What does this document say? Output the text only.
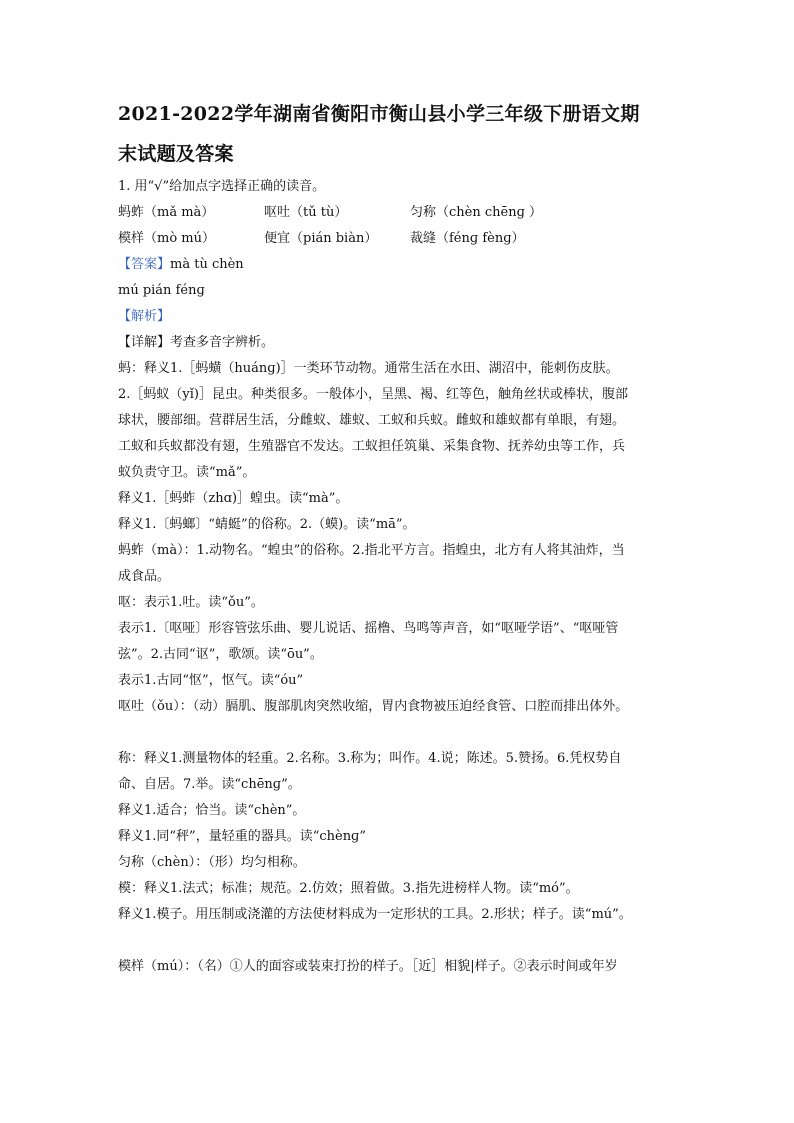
2021-2022学年湖南省衡阳市衡山县小学三年级下册语文期
末试题及答案
1. 用“√”给加点字选择正确的读音。
蚂蚱（mǎ mà）	呕吐（tǔ tù）	匀称（chèn chēnɡ ）
模样（mò mú）	便宜（pián biàn）	裁缝（fénɡ fènɡ）
【答案】mà tù chèn
mú pián fénɡ
【解析】
【详解】考查多音字辨析。
蚂：释义1.［蚂蟥（huánɡ)］一类环节动物。通常生活在水田、湖沼中，能刺伤皮肤。
2.［蚂蚁（yǐ)］昆虫。种类很多。一般体小，呈黑、褐、红等色，触角丝状或棒状，腹部
球状，腰部细。营群居生活，分雌蚁、雄蚁、工蚁和兵蚁。雌蚁和雄蚁都有单眼，有翅。
工蚁和兵蚁都没有翅，生殖器官不发达。工蚁担任筑巢、采集食物、抚养幼虫等工作，兵
蚁负责守卫。读“mǎ”。
释义1.［蚂蚱（zhɑ)］蝗虫。读“mà”。
释义1.〔蚂螂〕“蜻蜓”的俗称。2.（蟆)。读“mā”。
蚂蚱（mà）：1.动物名。“蝗虫”的俗称。2.指北平方言。指蝗虫，北方有人将其油炸，当
成食品。
呕：表示1.吐。读“ǒu”。
表示1.〔呕哑〕形容管弦乐曲、婴儿说话、摇橹、鸟鸣等声音，如“呕哑学语”、“呕哑管
弦”。2.古同“讴”，歌颂。读“ōu”。
表示1.古同“怄”，怄气。读“óu”
呕吐（ǒu）：（动）膈肌、腹部肌肉突然收缩，胃内食物被压迫经食管、口腔而排出体外。
称：释义1.测量物体的轻重。2.名称。3.称为；叫作。4.说；陈述。5.赞扬。6.凭权势自
命、自居。7.举。读“chēnɡ”。
释义1.适合；恰当。读“chèn”。
释义1.同“秤”，量轻重的器具。读“chènɡ”
匀称（chèn）：（形）均匀相称。
模：释义1.法式；标准；规范。2.仿效；照着做。3.指先进榜样人物。读“mó”。
释义1.模子。用压制或浇灌的方法使材料成为一定形状的工具。2.形状；样子。读“mú”。
模样（mú）：（名）①人的面容或装束打扮的样子。［近］相貌|样子。②表示时间或年岁
